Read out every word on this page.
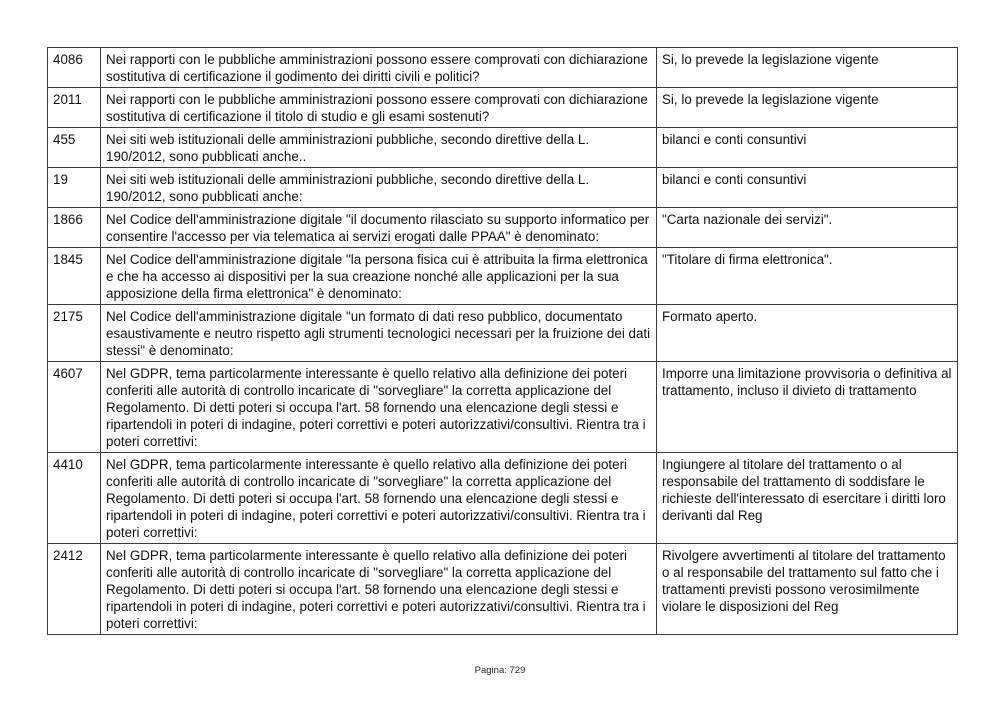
4086	Nei rapporti con le pubbliche amministrazioni possono essere comprovati con dichiarazione sostitutiva di certificazione il godimento dei diritti civili e politici?	Si, lo prevede la legislazione vigente
2011	Nei rapporti con le pubbliche amministrazioni possono essere comprovati con dichiarazione sostitutiva di certificazione il titolo di studio e gli esami sostenuti?	Si, lo prevede la legislazione vigente
455	Nei siti web istituzionali delle amministrazioni pubbliche, secondo direttive della L. 190/2012, sono pubblicati anche..	bilanci e conti consuntivi
19	Nei siti web istituzionali delle amministrazioni pubbliche, secondo direttive della L. 190/2012, sono pubblicati anche:	bilanci e conti consuntivi
1866	Nel Codice dell'amministrazione digitale "il documento rilasciato su supporto informatico per consentire l'accesso per via telematica ai servizi erogati dalle PPAA" è denominato:	"Carta nazionale dei servizi".
1845	Nel Codice dell'amministrazione digitale "la persona fisica cui è attribuita la firma elettronica e che ha accesso ai dispositivi per la sua creazione nonché alle applicazioni per la sua apposizione della firma elettronica" è denominato:	"Titolare di firma elettronica".
2175	Nel Codice dell'amministrazione digitale "un formato di dati reso pubblico, documentato esaustivamente e neutro rispetto agli strumenti tecnologici necessari per la fruizione dei dati stessi" è denominato:	Formato aperto.
4607	Nel GDPR, tema particolarmente interessante è quello relativo alla definizione dei poteri conferiti alle autorità di controllo incaricate di "sorvegliare" la corretta applicazione del Regolamento. Di detti poteri si occupa l'art. 58 fornendo una elencazione degli stessi e ripartendoli in poteri di indagine, poteri correttivi e poteri autorizzativi/consultivi. Rientra tra i poteri correttivi:	Imporre una limitazione provvisoria o definitiva al trattamento, incluso il divieto di trattamento
4410	Nel GDPR, tema particolarmente interessante è quello relativo alla definizione dei poteri conferiti alle autorità di controllo incaricate di "sorvegliare" la corretta applicazione del Regolamento. Di detti poteri si occupa l'art. 58 fornendo una elencazione degli stessi e ripartendoli in poteri di indagine, poteri correttivi e poteri autorizzativi/consultivi. Rientra tra i poteri correttivi:	Ingiungere al titolare del trattamento o al responsabile del trattamento di soddisfare le richieste dell'interessato di esercitare i diritti loro derivanti dal Reg
2412	Nel GDPR, tema particolarmente interessante è quello relativo alla definizione dei poteri conferiti alle autorità di controllo incaricate di "sorvegliare" la corretta applicazione del Regolamento. Di detti poteri si occupa l'art. 58 fornendo una elencazione degli stessi e ripartendoli in poteri di indagine, poteri correttivi e poteri autorizzativi/consultivi. Rientra tra i poteri correttivi:	Rivolgere avvertimenti al titolare del trattamento o al responsabile del trattamento sul fatto che i trattamenti previsti possono verosimilmente violare le disposizioni del Reg
Pagina: 729
